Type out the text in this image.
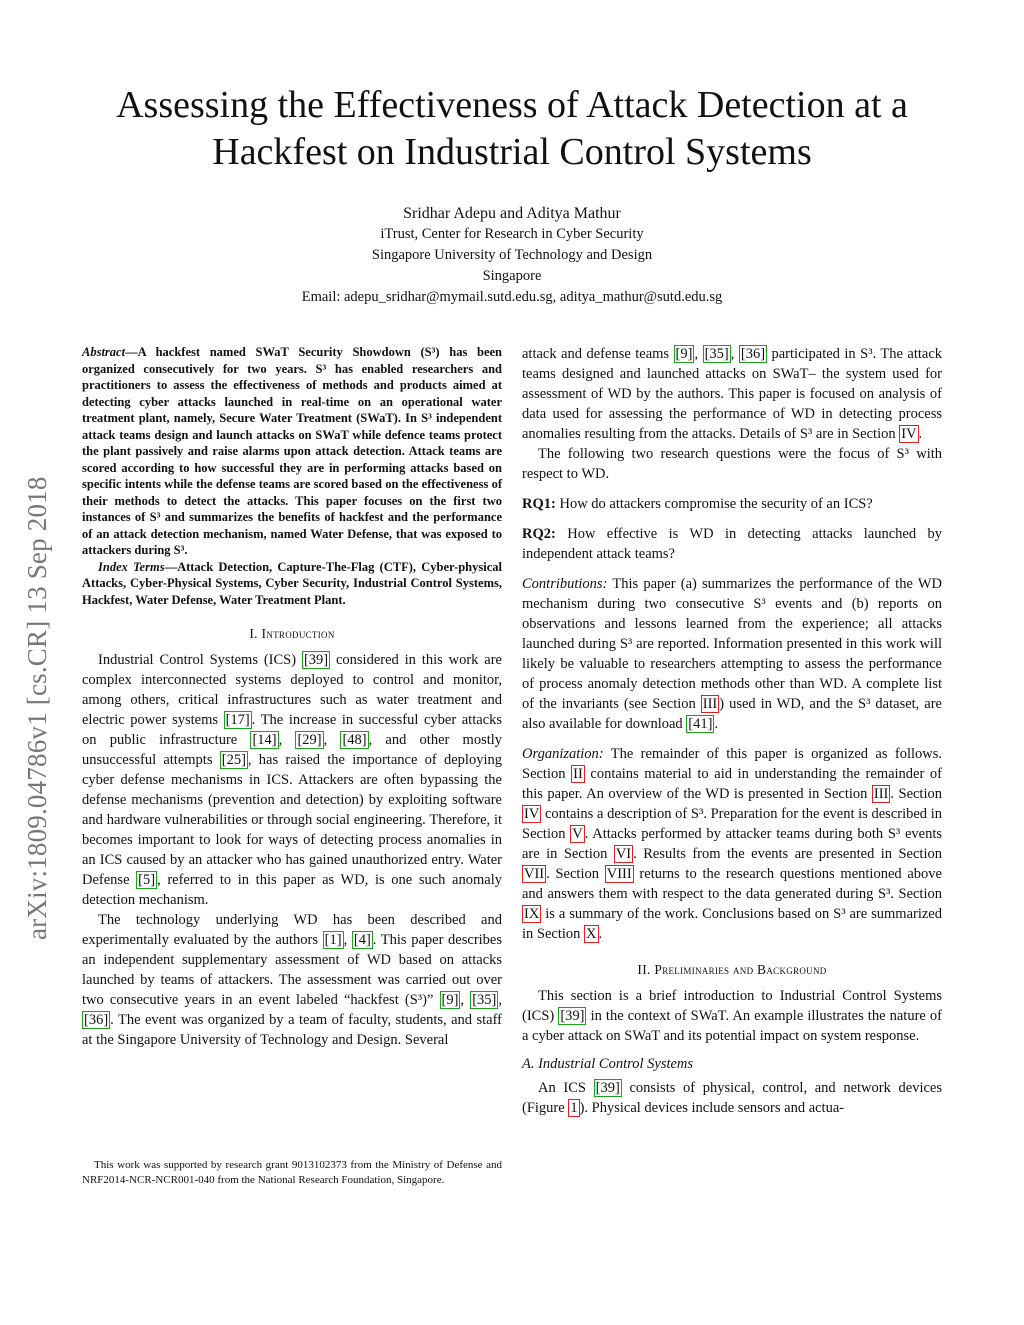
arXiv:1809.04786v1 [cs.CR] 13 Sep 2018
Assessing the Effectiveness of Attack Detection at a
Hackfest on Industrial Control Systems
Sridhar Adepu and Aditya Mathur
iTrust, Center for Research in Cyber Security
Singapore University of Technology and Design
Singapore
Email: adepu_sridhar@mymail.sutd.edu.sg, aditya_mathur@sutd.edu.sg

Abstract—A hackfest named SWaT Security Showdown (S³) has been organized consecutively for two years. S³ has enabled researchers and practitioners to assess the effectiveness of methods and products aimed at detecting cyber attacks launched in real-time on an operational water treatment plant, namely, Secure Water Treatment (SWaT). In S³ independent attack teams design and launch attacks on SWaT while defence teams protect the plant passively and raise alarms upon attack detection. Attack teams are scored according to how successful they are in performing attacks based on specific intents while the defense teams are scored based on the effectiveness of their methods to detect the attacks. This paper focuses on the first two instances of S³ and summarizes the benefits of hackfest and the performance of an attack detection mechanism, named Water Defense, that was exposed to attackers during S³.

Index Terms—Attack Detection, Capture-The-Flag (CTF), Cyber-physical Attacks, Cyber-Physical Systems, Cyber Security, Industrial Control Systems, Hackfest, Water Defense, Water Treatment Plant.

I. Introduction

Industrial Control Systems (ICS) [39] considered in this work are complex interconnected systems deployed to control and monitor, among others, critical infrastructures such as water treatment and electric power systems [17] . The increase in successful cyber attacks on public infrastructure [14] , [29] , [48] , and other mostly unsuccessful attempts [25] , has raised the importance of deploying cyber defense mechanisms in ICS. Attackers are often bypassing the defense mechanisms (prevention and detection) by exploiting software and hardware vulnerabilities or through social engineering. Therefore, it becomes important to look for ways of detecting process anomalies in an ICS caused by an attacker who has gained unauthorized entry. Water Defense [5] , referred to in this paper as WD, is one such anomaly detection mechanism.

The technology underlying WD has been described and experimentally evaluated by the authors [1] , [4] . This paper describes an independent supplementary assessment of WD based on attacks launched by teams of attackers. The assessment was carried out over two consecutive years in an event labeled “hackfest (S³)” [9] , [35] , [36] . The event was organized by a team of faculty, students, and staff at the Singapore University of Technology and Design. Several

This work was supported by research grant 9013102373 from the Ministry of Defense and NRF2014-NCR-NCR001-040 from the National Research Foundation, Singapore.

attack and defense teams [9] , [35] , [36] participated in S³. The attack teams designed and launched attacks on SWaT– the system used for assessment of WD by the authors. This paper is focused on analysis of data used for assessing the performance of WD in detecting process anomalies resulting from the attacks. Details of S³ are in Section IV .

The following two research questions were the focus of S³ with respect to WD.

RQ1: How do attackers compromise the security of an ICS?

RQ2: How effective is WD in detecting attacks launched by independent attack teams?

Contributions: This paper (a) summarizes the performance of the WD mechanism during two consecutive S³ events and (b) reports on observations and lessons learned from the experience; all attacks launched during S³ are reported. Information presented in this work will likely be valuable to researchers attempting to assess the performance of process anomaly detection methods other than WD. A complete list of the invariants (see Section III ) used in WD, and the S³ dataset, are also available for download [41] .

Organization: The remainder of this paper is organized as follows. Section II contains material to aid in understanding the remainder of this paper. An overview of the WD is presented in Section III . Section IV contains a description of S³. Preparation for the event is described in Section V . Attacks performed by attacker teams during both S³ events are in Section VI . Results from the events are presented in Section VII . Section VIII returns to the research questions mentioned above and answers them with respect to the data generated during S³. Section IX is a summary of the work. Conclusions based on S³ are summarized in Section X .

II. Preliminaries and Background

This section is a brief introduction to Industrial Control Systems (ICS) [39] in the context of SWaT. An example illustrates the nature of a cyber attack on SWaT and its potential impact on system response.

A. Industrial Control Systems

An ICS [39] consists of physical, control, and network devices (Figure 1 ). Physical devices include sensors and actua-
